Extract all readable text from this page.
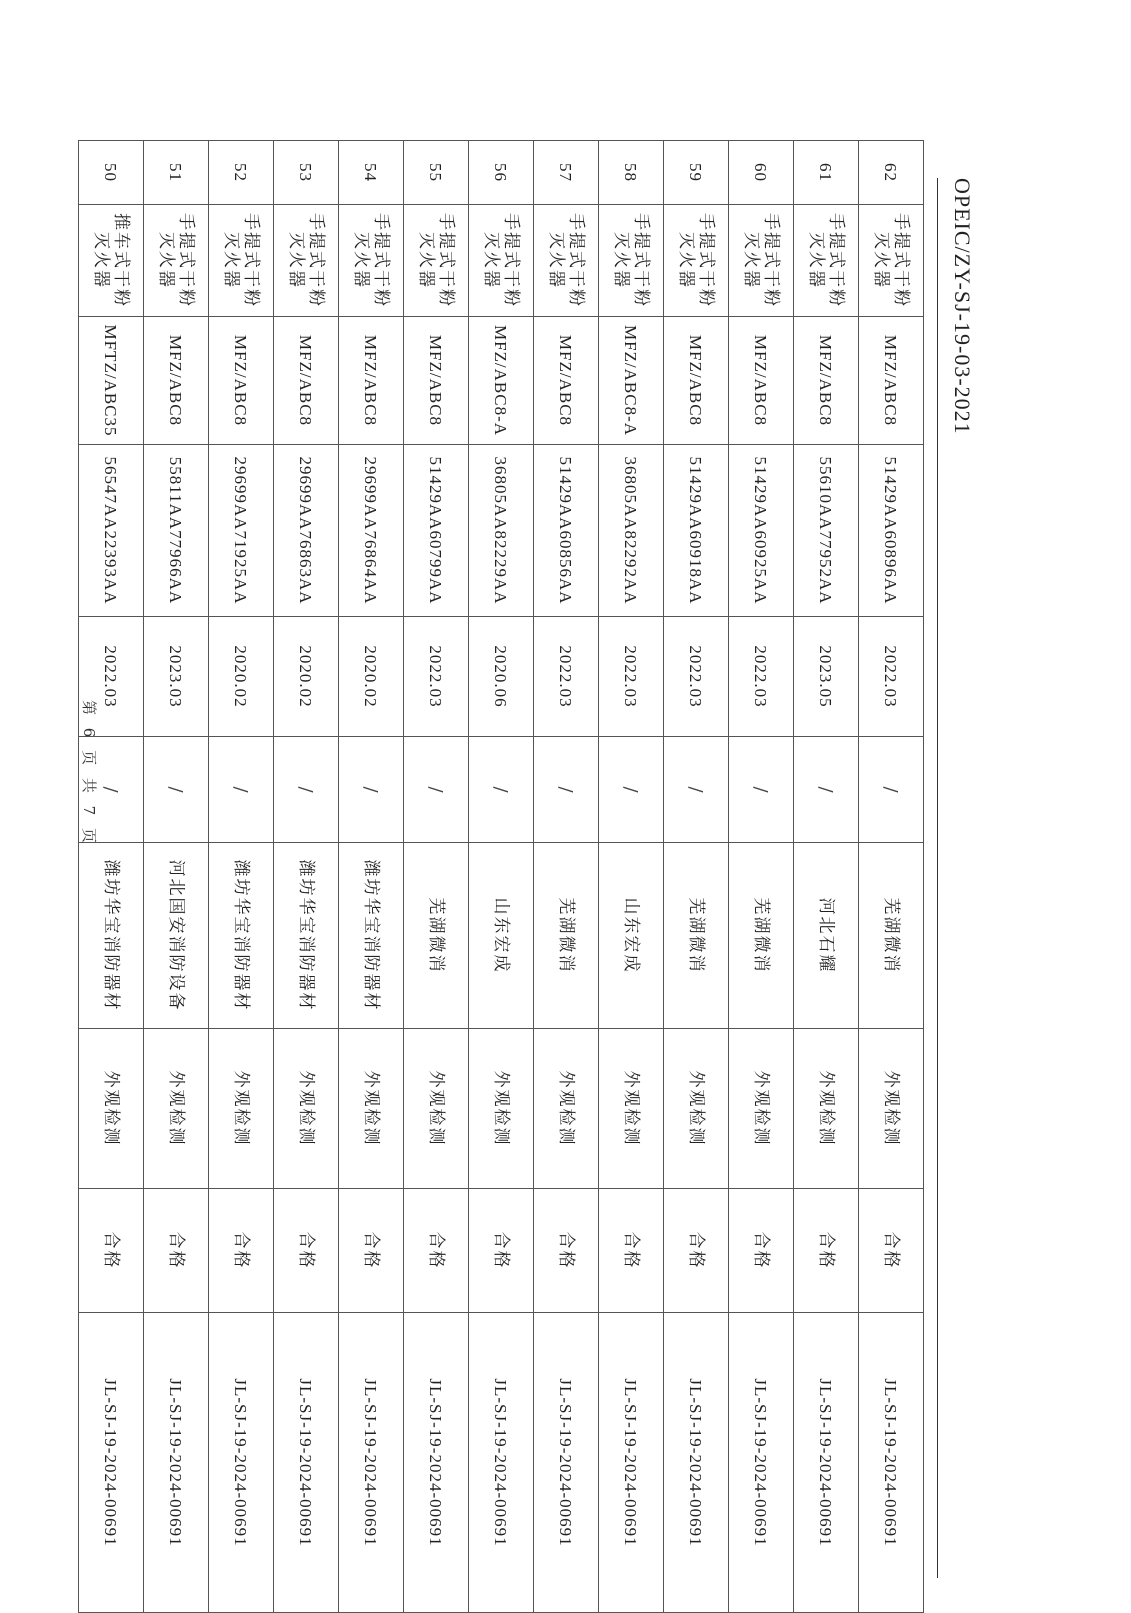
OPEIC/ZY-SJ-19-03-2021
62	手提式干粉灭火器	MFZ/ABC8	51429AA60896AA	2022.03	/	芜湖微消	外观检测	合格	JL-SJ-19-2024-00691
61	手提式干粉灭火器	MFZ/ABC8	55610AA77952AA	2023.05	/	河北石耀	外观检测	合格	JL-SJ-19-2024-00691
60	手提式干粉灭火器	MFZ/ABC8	51429AA60925AA	2022.03	/	芜湖微消	外观检测	合格	JL-SJ-19-2024-00691
59	手提式干粉灭火器	MFZ/ABC8	51429AA60918AA	2022.03	/	芜湖微消	外观检测	合格	JL-SJ-19-2024-00691
58	手提式干粉灭火器	MFZ/ABC8-A	36805AA82292AA	2022.03	/	山东宏成	外观检测	合格	JL-SJ-19-2024-00691
57	手提式干粉灭火器	MFZ/ABC8	51429AA60856AA	2022.03	/	芜湖微消	外观检测	合格	JL-SJ-19-2024-00691
56	手提式干粉灭火器	MFZ/ABC8-A	36805AA82229AA	2020.06	/	山东宏成	外观检测	合格	JL-SJ-19-2024-00691
55	手提式干粉灭火器	MFZ/ABC8	51429AA60799AA	2022.03	/	芜湖微消	外观检测	合格	JL-SJ-19-2024-00691
54	手提式干粉灭火器	MFZ/ABC8	29699AA76864AA	2020.02	/	潍坊华宝消防器材	外观检测	合格	JL-SJ-19-2024-00691
53	手提式干粉灭火器	MFZ/ABC8	29699AA76863AA	2020.02	/	潍坊华宝消防器材	外观检测	合格	JL-SJ-19-2024-00691
52	手提式干粉灭火器	MFZ/ABC8	29699AA71925AA	2020.02	/	潍坊华宝消防器材	外观检测	合格	JL-SJ-19-2024-00691
51	手提式干粉灭火器	MFZ/ABC8	55811AA77966AA	2023.03	/	河北国安消防设备	外观检测	合格	JL-SJ-19-2024-00691
50	推车式干粉灭火器	MFTZ/ABC35	56547AA22393AA	2022.03	/	潍坊华宝消防器材	外观检测	合格	JL-SJ-19-2024-00691
第 6 页 共 7 页
